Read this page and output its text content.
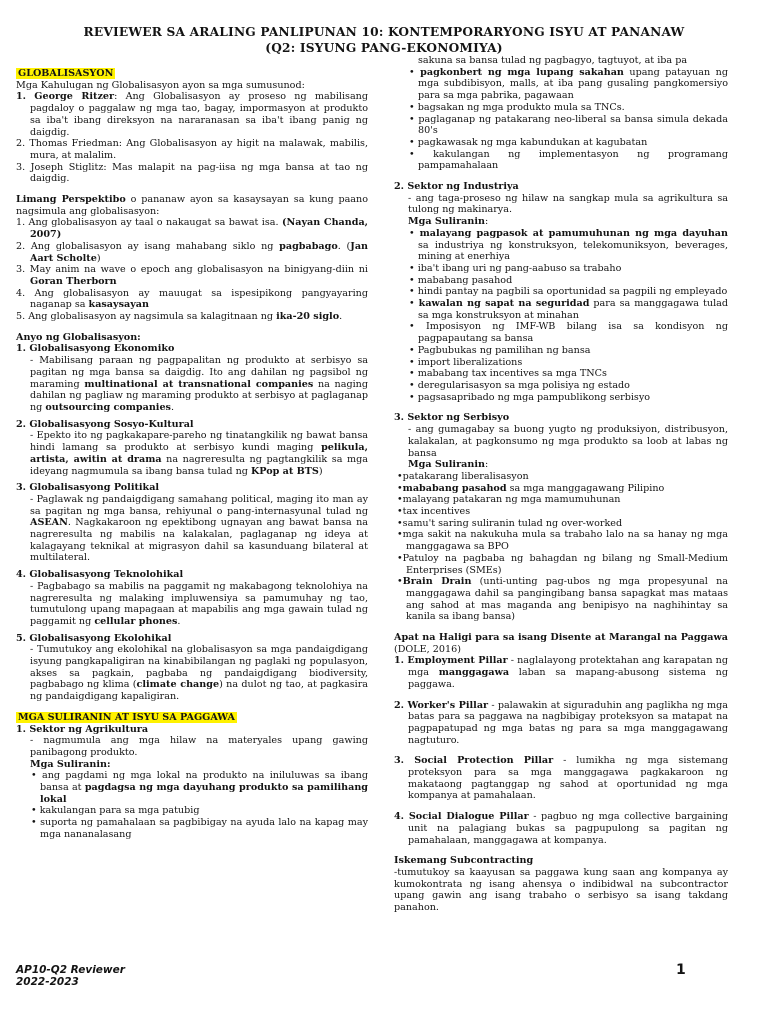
REVIEWER SA ARALING PANLIPUNAN 10: KONTEMPORARYONG ISYU AT PANANAW
(Q2: ISYUNG PANG-EKONOMIYA)

GLOBALISASYON

Mga Kahulugan ng Globalisasyon ayon sa mga sumusunod:

1. George Ritzer: Ang Globalisasyon ay proseso ng mabilisang pagdaloy o paggalaw ng mga tao, bagay, impormasyon at produkto sa iba't ibang direksyon na nararanasan sa iba't ibang panig ng daigdig.

2. Thomas Friedman: Ang Globalisasyon ay higit na malawak, mabilis, mura, at malalim.

3. Joseph Stiglitz: Mas malapit na pag-iisa ng mga bansa at tao ng daigdig.

Limang Perspektibo o pananaw ayon sa kasaysayan sa kung paano nagsimula ang globalisasyon:

1. Ang globalisasyon ay taal o nakaugat sa bawat isa. (Nayan Chanda, 2007)

2. Ang globalisasyon ay isang mahabang siklo ng pagbabago. (Jan Aart Scholte)

3. May anim na wave o epoch ang globalisasyon na binigyang-diin ni Goran Therborn

4. Ang globalisasyon ay mauugat sa ispesipikong pangyayaring naganap sa kasaysayan

5. Ang globalisasyon ay nagsimula sa kalagitnaan ng ika-20 siglo.

Anyo ng Globalisasyon:

1. Globalisasyong Ekonomiko

- Mabilisang paraan ng pagpapalitan ng produkto at serbisyo sa pagitan ng mga bansa sa daigdig. Ito ang dahilan ng pagsibol ng maraming multinational at transnational companies na naging dahilan ng pagliaw ng maraming produkto at serbisyo at paglaganap ng outsourcing companies.

2. Globalisasyong Sosyo-Kultural

- Epekto ito ng pagkakapare-pareho ng tinatangkilik ng bawat bansa hindi lamang sa produkto at serbisyo kundi maging pelikula, artista, awitin at drama na nagreresulta ng pagtangkilik sa mga ideyang nagmumula sa ibang bansa tulad ng KPop at BTS)

3. Globalisasyong Politikal

- Paglawak ng pandaigdigang samahang political, maging ito man ay sa pagitan ng mga bansa, rehiyunal o pang-internasyunal tulad ng ASEAN. Nagkakaroon ng epektibong ugnayan ang bawat bansa na nagreresulta ng mabilis na kalakalan, paglaganap ng ideya at kalagayang teknikal at migrasyon dahil sa kasunduang bilateral at multilateral.

4. Globalisasyong Teknolohikal

- Pagbabago sa mabilis na paggamit ng makabagong teknolohiya na nagreresulta ng malaking impluwensiya sa pamumuhay ng tao, tumutulong upang mapagaan at mapabilis ang mga gawain tulad ng paggamit ng cellular phones.

5. Globalisasyong Ekolohikal

- Tumutukoy ang ekolohikal na globalisasyon sa mga pandaigdigang isyung pangkapaligiran na kinabibilangan ng paglaki ng populasyon, akses sa pagkain, pagbaba ng pandaigdigang biodiversity, pagbabago ng klima (climate change) na dulot ng tao, at pagkasira ng pandaigdigang kapaligiran.

MGA SULIRANIN AT ISYU SA PAGGAWA

1. Sektor ng Agrikultura

- nagmumula ang mga hilaw na materyales upang gawing panibagong produkto.

Mga Suliranin:

• ang pagdami ng mga lokal na produkto na iniluluwas sa ibang bansa at pagdagsa ng mga dayuhang produkto sa pamilihang lokal

• kakulangan para sa mga patubig

• suporta ng pamahalaan sa pagbibigay na ayuda lalo na kapag may mga nananalasang

sakuna sa bansa tulad ng pagbagyo, tagtuyot, at iba pa

• pagkonbert ng mga lupang sakahan upang patayuan ng mga subdibisyon, malls, at iba pang gusaling pangkomersiyo para sa mga pabrika, pagawaan

• bagsakan ng mga produkto mula sa TNCs.

• paglaganap ng patakarang neo-liberal sa bansa simula dekada 80's

• pagkawasak ng mga kabundukan at kagubatan

• kakulangan ng implementasyon ng programang pampamahalaan

2. Sektor ng Industriya

- ang taga-proseso ng hilaw na sangkap mula sa agrikultura sa tulong ng makinarya.

Mga Suliranin:

• malayang pagpasok at pamumuhunan ng mga dayuhan sa industriya ng konstruksyon, telekomuniksyon, beverages, mining at enerhiya

• iba't ibang uri ng pang-aabuso sa trabaho

• mababang pasahod

• hindi pantay na pagbili sa oportunidad sa pagpili ng empleyado

• kawalan ng sapat na seguridad para sa manggagawa tulad sa mga konstruksyon at minahan

• Imposisyon ng IMF-WB bilang isa sa kondisyon ng pagpapautang sa bansa

• Pagbubukas ng pamilihan ng bansa

• import liberalizations

• mababang tax incentives sa mga TNCs

• deregularisasyon sa mga polisiya ng estado

• pagsasapribado ng mga pampublikong serbisyo

3. Sektor ng Serbisyo

- ang gumagabay sa buong yugto ng produksiyon, distribusyon, kalakalan, at pagkonsumo ng mga produkto sa loob at labas ng bansa

Mga Suliranin:

•patakarang liberalisasyon

•mababang pasahod sa mga manggagawang Pilipino

•malayang patakaran ng mga mamumuhunan

•tax incentives

•samu't saring suliranin tulad ng over-worked

•mga sakit na nakukuha mula sa trabaho lalo na sa hanay ng mga manggagawa sa BPO

•Patuloy na pagbaba ng bahagdan ng bilang ng Small-Medium Enterprises (SMEs)

•Brain Drain (unti-unting pag-ubos ng mga propesyunal na manggagawa dahil sa pangingibang bansa sapagkat mas mataas ang sahod at mas maganda ang benipisyo na naghihintay sa kanila sa ibang bansa)

Apat na Haligi para sa isang Disente at Marangal na Paggawa (DOLE, 2016)

1. Employment Pillar - naglalayong protektahan ang karapatan ng mga manggagawa laban sa mapang-abusong sistema ng paggawa.

2. Worker's Pillar - palawakin at siguraduhin ang paglikha ng mga batas para sa paggawa na nagbibigay proteksyon sa matapat na pagpapatupad ng mga batas ng para sa mga manggagawang nagtuturo.

3. Social Protection Pillar - lumikha ng mga sistemang proteksyon para sa mga manggagawa pagkakaroon ng makataong pagtanggap ng sahod at oportunidad ng mga kompanya at pamahalaan.

4. Social Dialogue Pillar - pagbuo ng mga collective bargaining unit na palagiang bukas sa pagpupulong sa pagitan ng pamahalaan, manggagawa at kompanya.

Iskemang Subcontracting

-tumutukoy sa kaayusan sa paggawa kung saan ang kompanya ay kumokontrata ng isang ahensya o indibidwal na subcontractor upang gawin ang isang trabaho o serbisyo sa isang takdang panahon.

AP10-Q2 Reviewer
2022-2023
1
